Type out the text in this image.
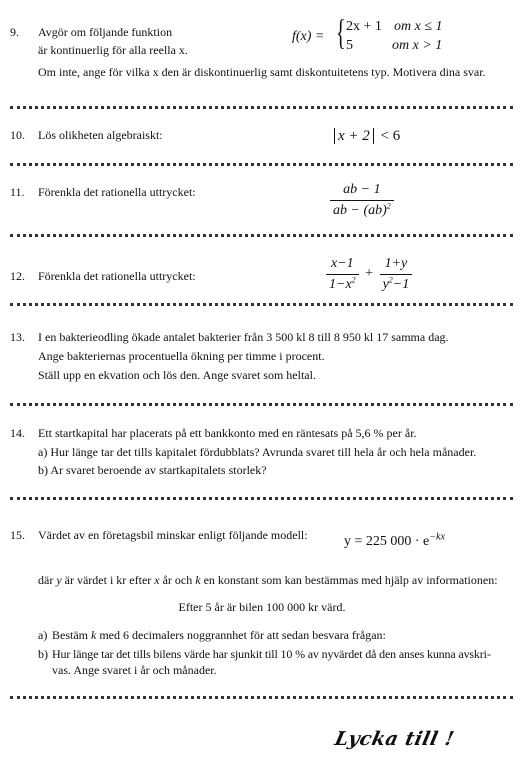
9. Avgör om följande funktion
är kontinuerlig för alla reella x.
Om inte, ange för vilka x den är diskontinuerlig samt diskontuitetens typ. Motivera dina svar.
f(x) = { 2x + 1 om x ≤ 1
5	om x > 1
10. Lös olikheten algebraiskt:	x + 2 < 6
11. Förenkla det rationella uttrycket:	$\frac{ab - 1}{ab - (ab)^2}$
12. Förenkla det rationella uttrycket:	$\frac{x-1}{1-x^2} + \frac{1+y}{y^2-1}$
13. I en bakterieodling ökade antalet bakterier från 3 500 kl 8 till 8 950 kl 17 samma dag.
Ange bakteriernas procentuella ökning per timme i procent.
Ställ upp en ekvation och lös den. Ange svaret som heltal.
14. Ett startkapital har placerats på ett bankkonto med en räntesats på 5,6 % per år.
a) Hur länge tar det tills kapitalet fördubblats? Avrunda svaret till hela år och hela månader.
b) Ar svaret beroende av startkapitalets storlek?
15. Värdet av en företagsbil minskar enligt följande modell:	y = 225 $000 \cdot e^{-kx}$
där y är värdet i kr efter x år och k en konstant som kan bestämmas med hjälp av informationen:
Efter 5 år är bilen 100 000 kr värd.
a) Bestäm k med 6 decimalers noggrannhet för att sedan besvara frågan:
b) Hur länge tar det tills bilens värde har sjunkit till 10 % av nyvärdet då den anses kunna avskri-
vas. Ange svaret i år och månader.
Lycka till !
